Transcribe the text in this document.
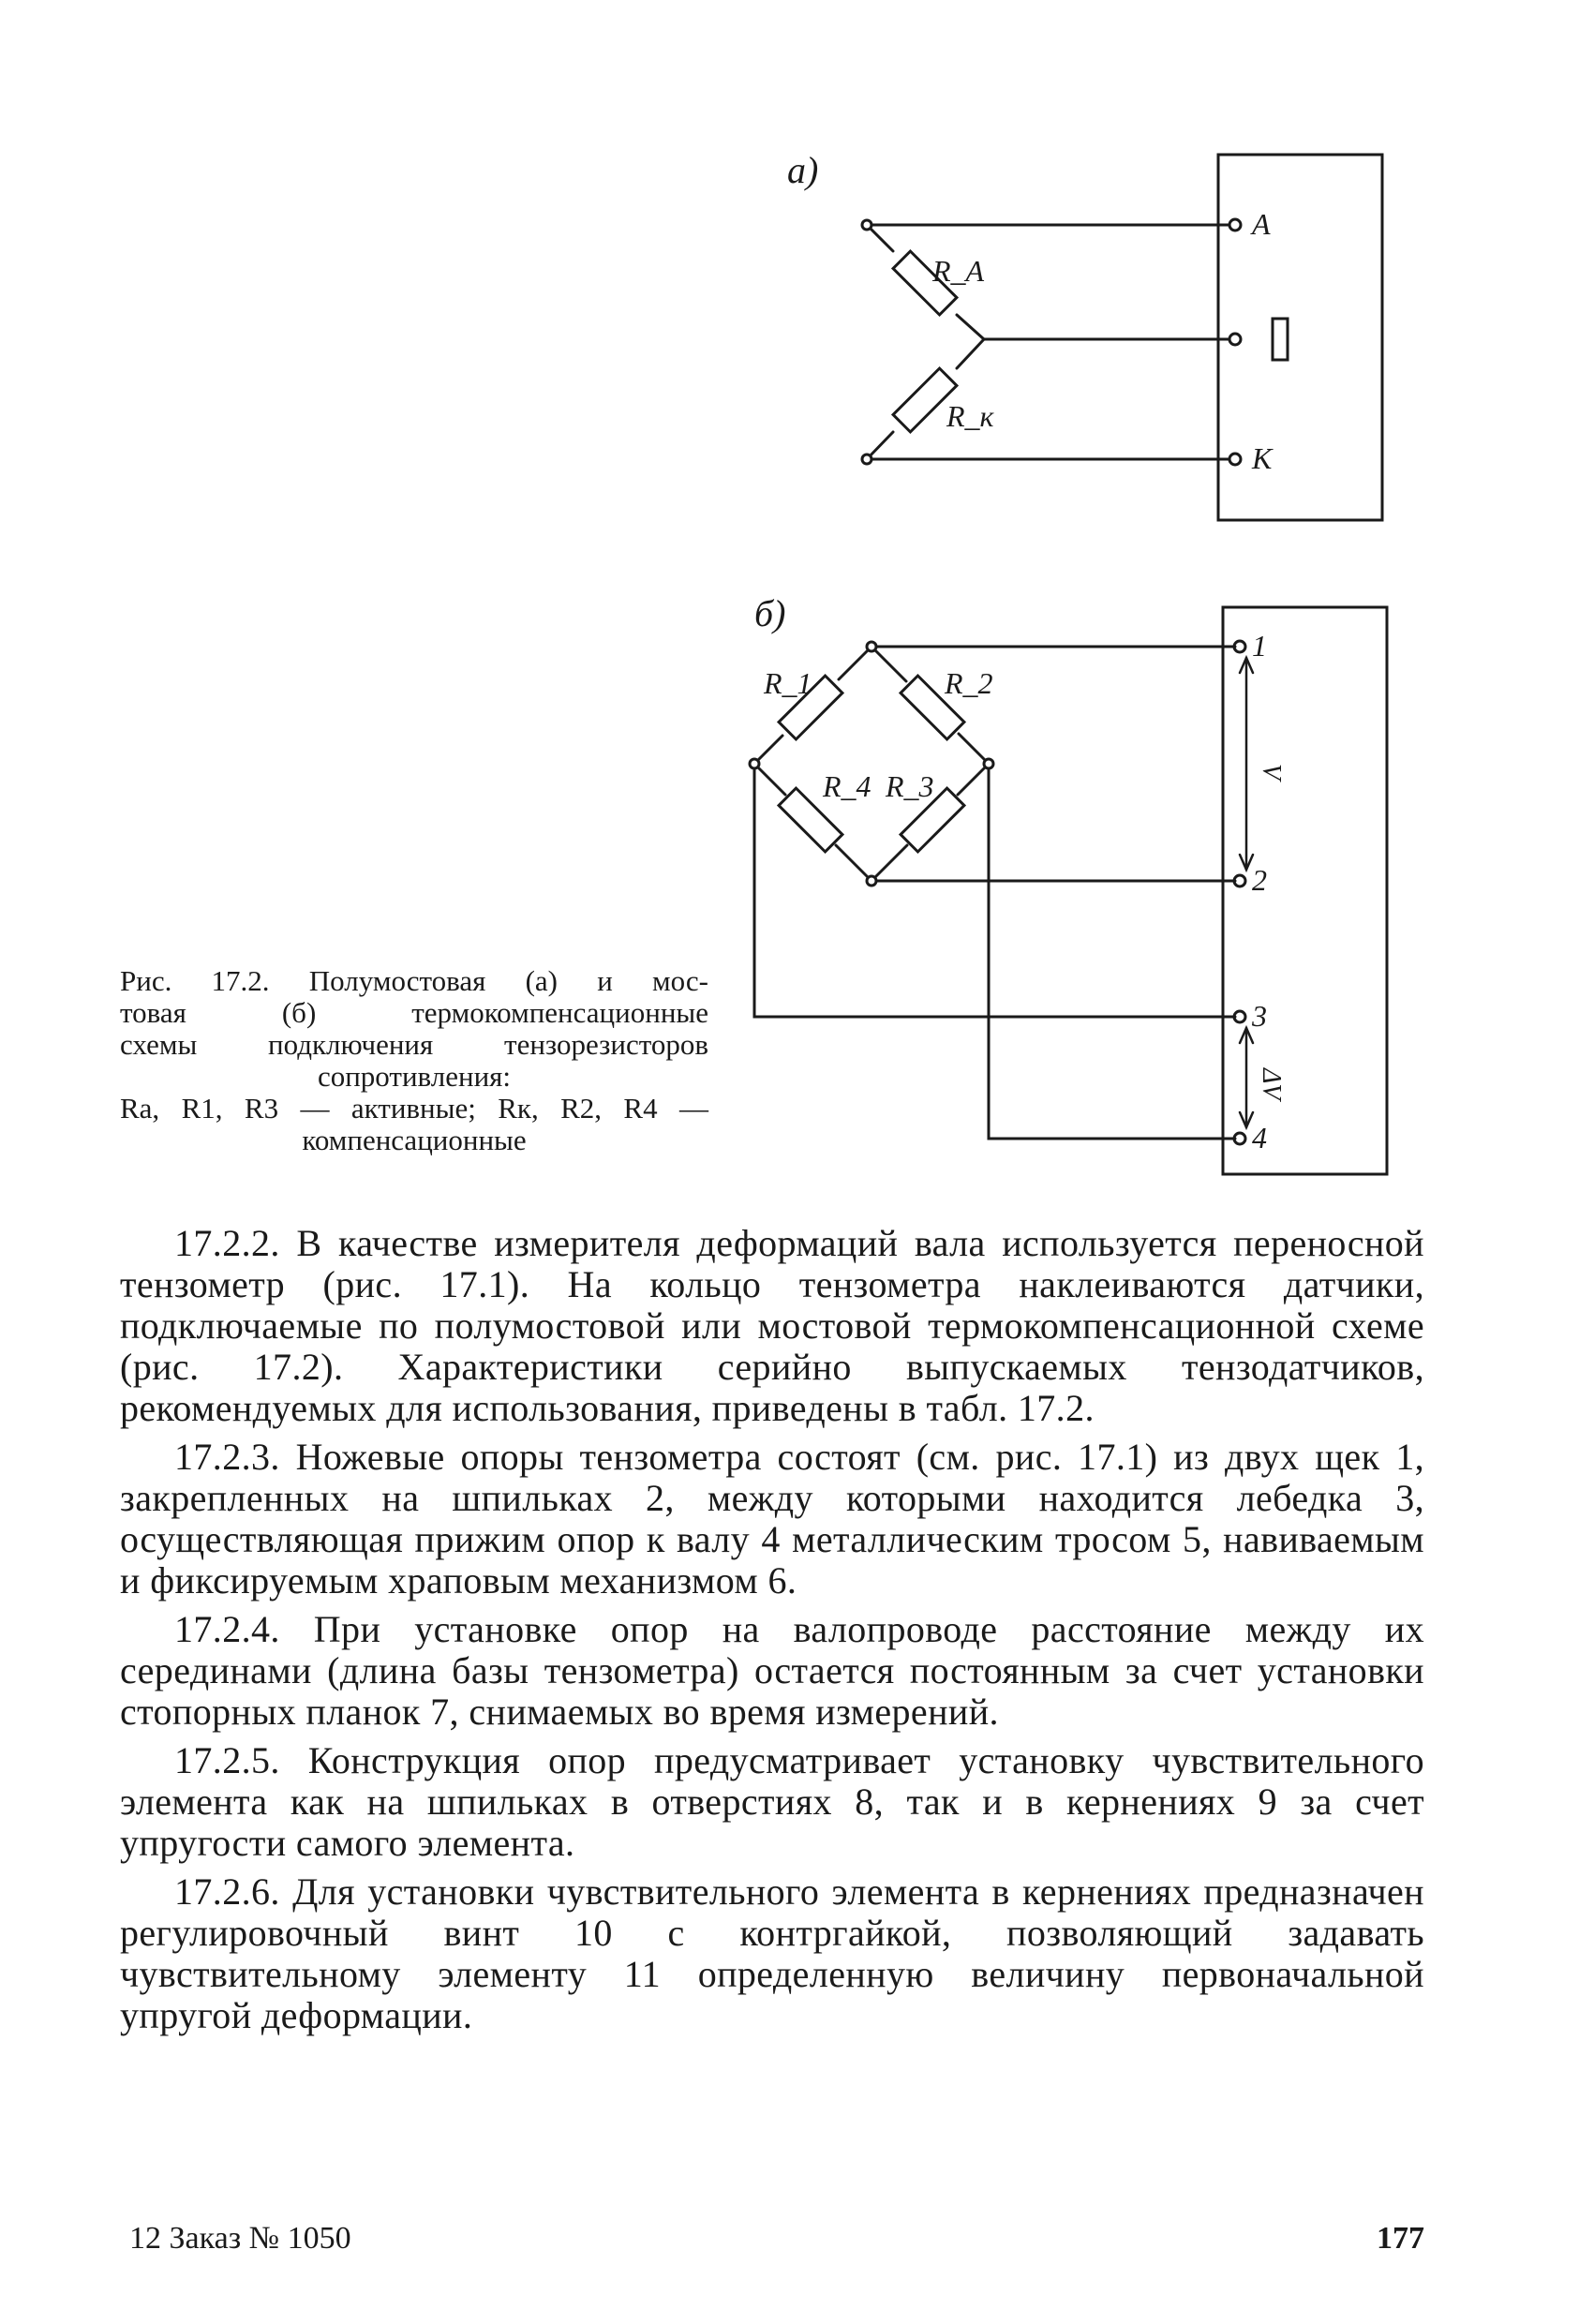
а)
б)
R_A
R_к
A
К
R_1	R_2
R_4 R_3
1
2
3
4
V
ΔV

Рис. 17.2. Полумостовая (а) и мос-

товая (б) термокомпенсационные

схемы подключения тензорезисторов

сопротивления:

Rа, R1, R3 — активные; Rк, R2, R4 —

компенсационные

17.2.2. В качестве измерителя деформаций вала используется переносной тензометр (рис. 17.1). На кольцо тензометра наклеиваются датчики, подключаемые по полумостовой или мостовой термокомпенсационной схеме (рис. 17.2). Характеристики серийно выпускаемых тензодатчиков, рекомендуемых для использования, приведены в табл. 17.2.

17.2.3. Ножевые опоры тензометра состоят (см. рис. 17.1) из двух щек 1, закрепленных на шпильках 2, между которыми находится лебедка 3, осуществляющая прижим опор к валу 4 металлическим тросом 5, навиваемым и фиксируемым храповым механизмом 6.

17.2.4. При установке опор на валопроводе расстояние между их серединами (длина базы тензометра) остается постоянным за счет установки стопорных планок 7, снимаемых во время измерений.

17.2.5. Конструкция опор предусматривает установку чувствительного элемента как на шпильках в отверстиях 8, так и в кернениях 9 за счет упругости самого элемента.

17.2.6. Для установки чувствительного элемента в кернениях предназначен регулировочный винт 10 с контргайкой, позволяющий задавать чувствительному элементу 11 определенную величину первоначальной упругой деформации.

12 Заказ № 1050	177
